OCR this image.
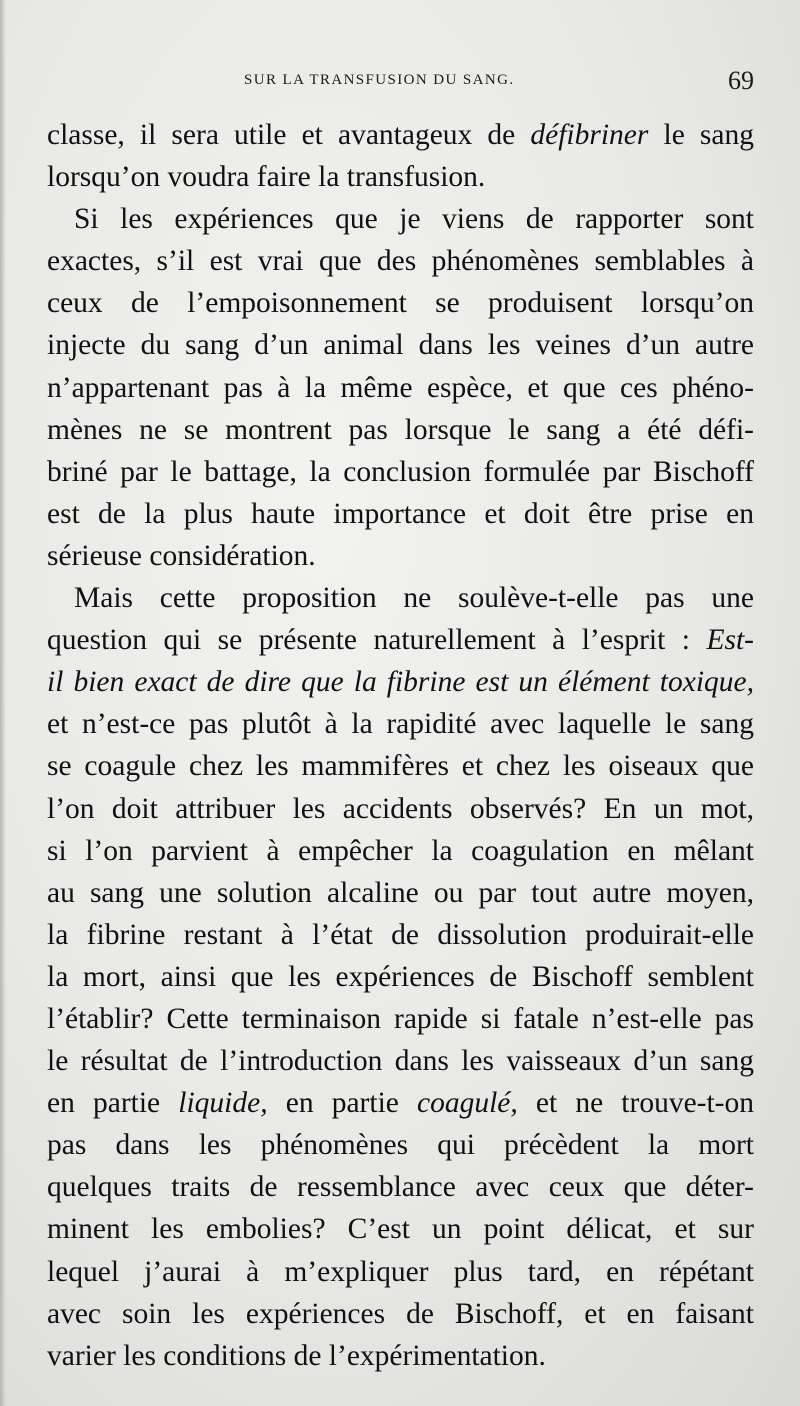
SUR LA TRANSFUSION DU SANG.	69
classe, il sera utile et avantageux de défibriner le sang
lorsqu’on voudra faire la transfusion.
Si les expériences que je viens de rapporter sont
exactes, s’il est vrai que des phénomènes semblables à
ceux de l’empoisonnement se produisent lorsqu’on
injecte du sang d’un animal dans les veines d’un autre
n’appartenant pas à la même espèce, et que ces phéno-
mènes ne se montrent pas lorsque le sang a été défi-
briné par le battage, la conclusion formulée par Bischoff
est de la plus haute importance et doit être prise en
sérieuse considération.
Mais cette proposition ne soulève-t-elle pas une
question qui se présente naturellement à l’esprit : Est-
il bien exact de dire que la fibrine est un élément toxique,
et n’est-ce pas plutôt à la rapidité avec laquelle le sang
se coagule chez les mammifères et chez les oiseaux que
l’on doit attribuer les accidents observés? En un mot,
si l’on parvient à empêcher la coagulation en mêlant
au sang une solution alcaline ou par tout autre moyen,
la fibrine restant à l’état de dissolution produirait-elle
la mort, ainsi que les expériences de Bischoff semblent
l’établir? Cette terminaison rapide si fatale n’est-elle pas
le résultat de l’introduction dans les vaisseaux d’un sang
en partie liquide, en partie coagulé, et ne trouve-t-on
pas dans les phénomènes qui précèdent la mort
quelques traits de ressemblance avec ceux que déter-
minent les embolies? C’est un point délicat, et sur
lequel j’aurai à m’expliquer plus tard, en répétant
avec soin les expériences de Bischoff, et en faisant
varier les conditions de l’expérimentation.
